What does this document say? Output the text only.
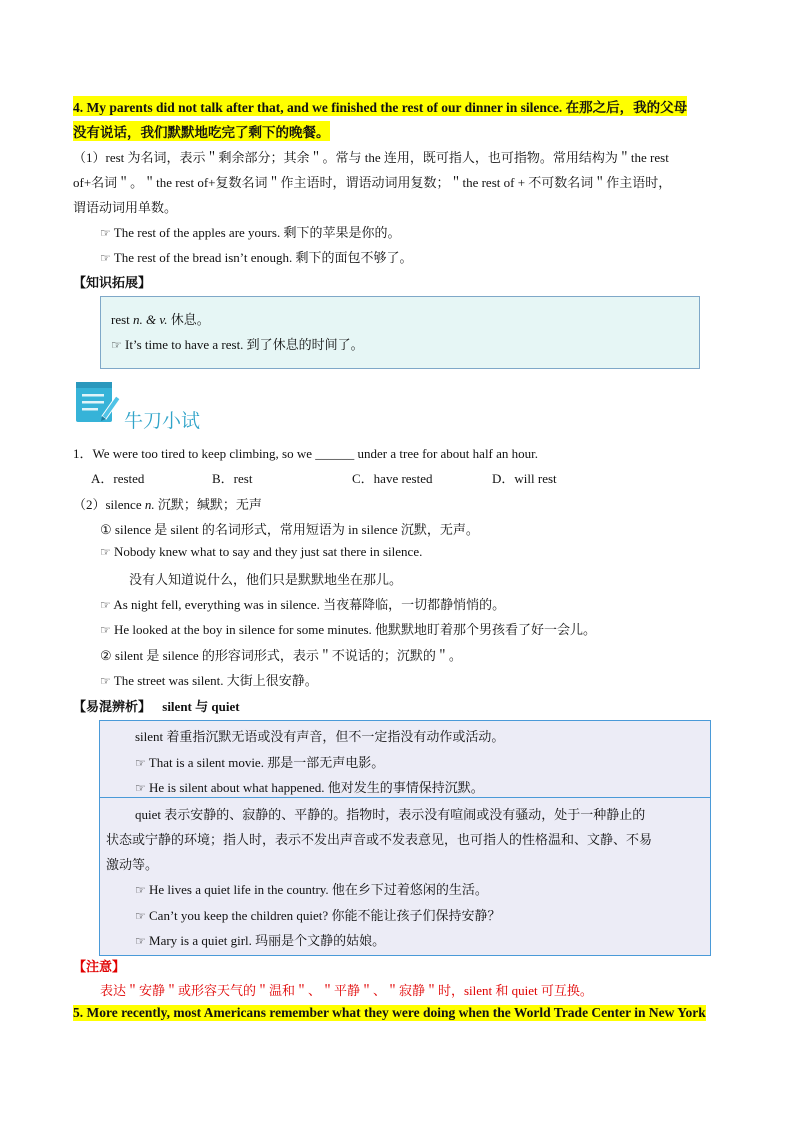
4. My parents did not talk after that, and we finished the rest of our dinner in silence. 在那之后，我的父母
没有说话，我们默默地吃完了剩下的晚餐。
（1）rest 为名词，表示＂剩余部分；其余＂。常与 the 连用，既可指人，也可指物。常用结构为＂the rest
of+名词＂。＂the rest of+复数名词＂作主语时，谓语动词用复数；＂the rest of + 不可数名词＂作主语时，
谓语动词用单数。
☞ The rest of the apples are yours. 剩下的苹果是你的。
☞ The rest of the bread isn’t enough. 剩下的面包不够了。
【知识拓展】
rest n. & v. 休息。
☞ It’s time to have a rest. 到了休息的时间了。
牛刀小试
1．We were too tired to keep climbing, so we ______ under a tree for about half an hour.
A．rested	B．rest	C．have rested	D．will rest
（2）silence n. 沉默；缄默；无声
① silence 是 silent 的名词形式，常用短语为 in silence 沉默，无声。
☞ Nobody knew what to say and they just sat there in silence.
没有人知道说什么，他们只是默默地坐在那儿。
☞ As night fell, everything was in silence. 当夜幕降临，一切都静悄悄的。
☞ He looked at the boy in silence for some minutes. 他默默地盯着那个男孩看了好一会儿。
② silent 是 silence 的形容词形式，表示＂不说话的；沉默的＂。
☞ The street was silent. 大街上很安静。
【易混辨析】 silent 与 quiet
silent 着重指沉默无语或没有声音，但不一定指没有动作或活动。
☞ That is a silent movie. 那是一部无声电影。
☞ He is silent about what happened. 他对发生的事情保持沉默。
quiet 表示安静的、寂静的、平静的。指物时，表示没有喧闹或没有骚动，处于一种静止的
状态或宁静的环境；指人时，表示不发出声音或不发表意见，也可指人的性格温和、文静、不易
激动等。
☞ He lives a quiet life in the country. 他在乡下过着悠闲的生活。
☞ Can’t you keep the children quiet? 你能不能让孩子们保持安静？
☞ Mary is a quiet girl. 玛丽是个文静的姑娘。
【注意】
表达＂安静＂或形容天气的＂温和＂、＂平静＂、＂寂静＂时，silent 和 quiet 可互换。
5. More recently, most Americans remember what they were doing when the World Trade Center in New York
